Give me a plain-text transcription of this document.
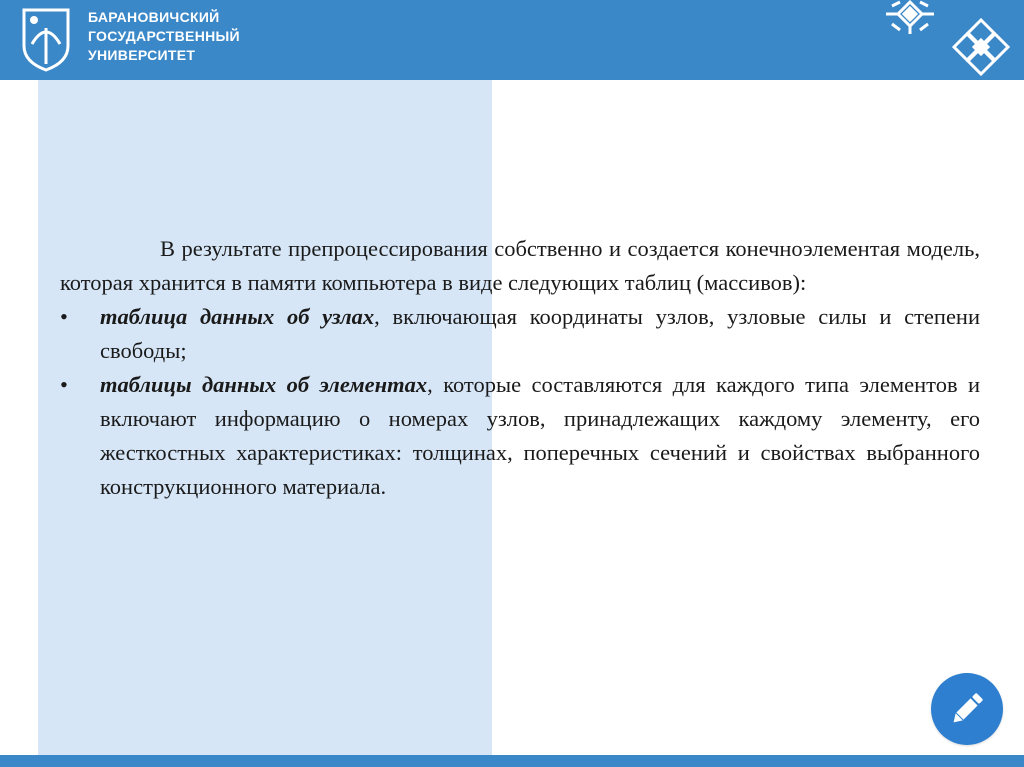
БАРАНОВИЧСКИЙ
ГОСУДАРСТВЕННЫЙ
УНИВЕРСИТЕТ

В результате препроцессирования собственно и создается конечноэлементая модель, которая хранится в памяти компьютера в виде следующих таблиц (массивов):

• таблица данных об узлах, включающая координаты узлов, узловые силы и степени свободы;
• таблицы данных об элементах, которые составляются для каждого типа элементов и включают информацию о номерах узлов, принадлежащих каждому элементу, его жесткостных характеристиках: толщинах, поперечных сечений и свойствах выбранного конструкционного материала.
